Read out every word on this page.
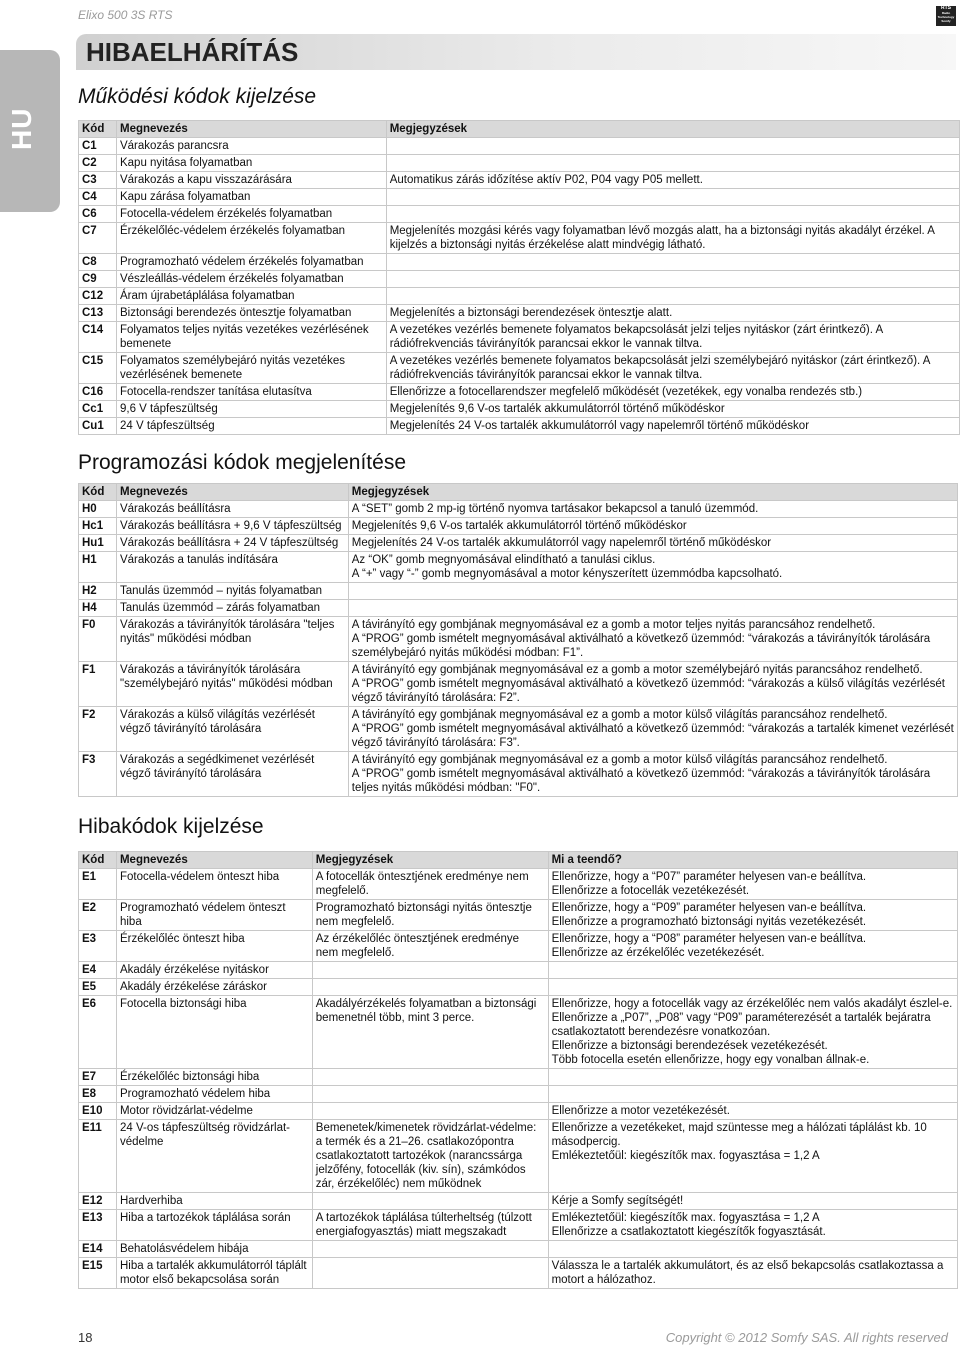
Elixo 500 3S RTS	RTS
Radio Technology Somfy
HU
HIBAELHÁRÍTÁS
Működési kódok kijelzése
Kód	Megnevezés	Megjegyzések
C1	Várakozás parancsra	
C2	Kapu nyitása folyamatban	
C3	Várakozás a kapu visszazárására	Automatikus zárás időzítése aktív P02, P04 vagy P05 mellett.
C4	Kapu zárása folyamatban	
C6	Fotocella-védelem érzékelés folyamatban	
C7	Érzékelőléc-védelem érzékelés folyamatban	Megjelenítés mozgási kérés vagy folyamatban lévő mozgás alatt, ha a biztonsági nyitás akadályt érzékel. A kijelzés a biztonsági nyitás érzékelése alatt mindvégig látható.
C8	Programozható védelem érzékelés folyamatban	
C9	Vészleállás-védelem érzékelés folyamatban	
C12	Áram újrabetáplálása folyamatban	
C13	Biztonsági berendezés öntesztje folyamatban	Megjelenítés a biztonsági berendezések öntesztje alatt.
C14	Folyamatos teljes nyitás vezetékes vezérlésének bemenete	A vezetékes vezérlés bemenete folyamatos bekapcsolását jelzi teljes nyitáskor (zárt érintkező). A rádiófrekvenciás távirányítók parancsai ekkor le vannak tiltva.
C15	Folyamatos személybejáró nyitás vezetékes vezérlésének bemenete	A vezetékes vezérlés bemenete folyamatos bekapcsolását jelzi személybejáró nyitáskor (zárt érintkező). A rádiófrekvenciás távirányítók parancsai ekkor le vannak tiltva.
C16	Fotocella-rendszer tanítása elutasítva	Ellenőrizze a fotocellarendszer megfelelő működését (vezetékek, egy vonalba rendezés stb.)
Cc1	9,6 V tápfeszültség	Megjelenítés 9,6 V-os tartalék akkumulátorról történő működéskor
Cu1	24 V tápfeszültség	Megjelenítés 24 V-os tartalék akkumulátorról vagy napelemről történő működéskor
Programozási kódok megjelenítése
Kód	Megnevezés	Megjegyzések
H0	Várakozás beállításra	A “SET” gomb 2 mp-ig történő nyomva tartásakor bekapcsol a tanuló üzemmód.
Hc1	Várakozás beállításra + 9,6 V tápfeszültség	Megjelenítés 9,6 V-os tartalék akkumulátorról történő működéskor
Hu1	Várakozás beállításra + 24 V tápfeszültség	Megjelenítés 24 V-os tartalék akkumulátorról vagy napelemről történő működéskor
H1	Várakozás a tanulás indítására	Az “OK” gomb megnyomásával elindítható a tanulási ciklus.
A “+” vagy “-” gomb megnyomásával a motor kényszerített üzemmódba kapcsolható.
H2	Tanulás üzemmód – nyitás folyamatban	
H4	Tanulás üzemmód – zárás folyamatban	
F0	Várakozás a távirányítók tárolására "teljes nyitás" működési módban	A távirányító egy gombjának megnyomásával ez a gomb a motor teljes nyitás parancsához rendelhető.
A “PROG” gomb ismételt megnyomásával aktiválható a következő üzemmód: “várakozás a távirányítók tárolására személybejáró nyitás működési módban: F1”.
F1	Várakozás a távirányítók tárolására "személybejáró nyitás" működési módban	A távirányító egy gombjának megnyomásával ez a gomb a motor személybejáró nyitás parancsához rendelhető.
A “PROG” gomb ismételt megnyomásával aktiválható a következő üzemmód: “várakozás a külső világítás vezérlését végző távirányító tárolására: F2”.
F2	Várakozás a külső világítás vezérlését végző távirányító tárolására	A távirányító egy gombjának megnyomásával ez a gomb a motor külső világítás parancsához rendelhető.
A “PROG” gomb ismételt megnyomásával aktiválható a következő üzemmód: “várakozás a tartalék kimenet vezérlését végző távirányító tárolására: F3”.
F3	Várakozás a segédkimenet vezérlését végző távirányító tárolására	A távirányító egy gombjának megnyomásával ez a gomb a motor külső világítás parancsához rendelhető.
A “PROG” gomb ismételt megnyomásával aktiválható a következő üzemmód: “várakozás a távirányítók tárolására teljes nyitás működési módban: "F0".
Hibakódok kijelzése
Kód	Megnevezés	Megjegyzések	Mi a teendő?
E1	Fotocella-védelem önteszt hiba	A fotocellák öntesztjének eredménye nem megfelelő.	Ellenőrizze, hogy a “P07” paraméter helyesen van-e beállítva.
Ellenőrizze a fotocellák vezetékezését.
E2	Programozható védelem önteszt hiba	Programozható biztonsági nyitás öntesztje nem megfelelő.	Ellenőrizze, hogy a “P09” paraméter helyesen van-e beállítva.
Ellenőrizze a programozható biztonsági nyitás vezetékezését.
E3	Érzékelőléc önteszt hiba	Az érzékelőléc öntesztjének eredménye nem megfelelő.	Ellenőrizze, hogy a “P08” paraméter helyesen van-e beállítva.
Ellenőrizze az érzékelőléc vezetékezését.
E4	Akadály érzékelése nyitáskor		
E5	Akadály érzékelése záráskor		
E6	Fotocella biztonsági hiba	Akadályérzékelés folyamatban a biztonsági bemenetnél több, mint 3 perce.	Ellenőrizze, hogy a fotocellák vagy az érzékelőléc nem valós akadályt észlel-e.
Ellenőrizze a „P07”, „P08” vagy “P09” paraméterezését a tartalék bejáratra csatlakoztatott berendezésre vonatkozóan.
Ellenőrizze a biztonsági berendezések vezetékezését.
Több fotocella esetén ellenőrizze, hogy egy vonalban állnak-e.
E7	Érzékelőléc biztonsági hiba		
E8	Programozható védelem hiba		
E10	Motor rövidzárlat-védelme		Ellenőrizze a motor vezetékezését.
E11	24 V-os tápfeszültség rövidzárlat-védelme	Bemenetek/kimenetek rövidzárlat-védelme: a termék és a 21–26. csatlakozópontra csatlakoztatott tartozékok (narancssárga jelzőfény, fotocellák (kiv. sín), számkódos zár, érzékelőléc) nem működnek	Ellenőrizze a vezetékeket, majd szüntesse meg a hálózati táplálást kb. 10 másodpercig.
Emlékeztetőül: kiegészítők max. fogyasztása = 1,2 A
E12	Hardverhiba		Kérje a Somfy segítségét!
E13	Hiba a tartozékok táplálása során	A tartozékok táplálása túlterheltség (túlzott energiafogyasztás) miatt megszakadt	Emlékeztetőül: kiegészítők max. fogyasztása = 1,2 A
Ellenőrizze a csatlakoztatott kiegészítők fogyasztását.
E14	Behatolásvédelem hibája		
E15	Hiba a tartalék akkumulátorról táplált motor első bekapcsolása során		Válassza le a tartalék akkumulátort, és az első bekapcsolás csatlakoztassa a motort a hálózathoz.
18	Copyright © 2012 Somfy SAS. All rights reserved
